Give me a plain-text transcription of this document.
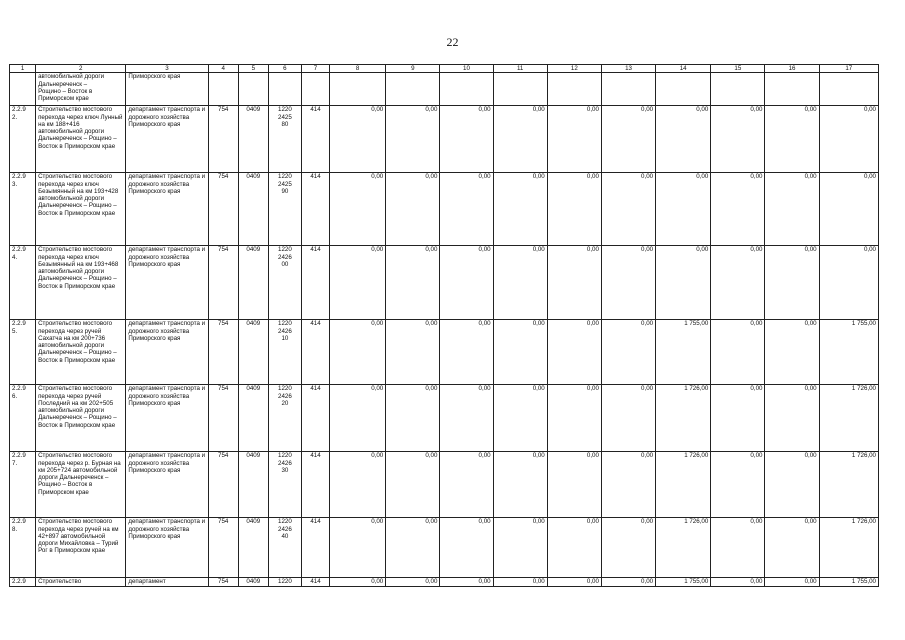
22
1	2	3	4	5	6	7	8	9	10	11	12	13	14	15	16	17
	автомобильной дороги
Дальнереченск –
Рощино – Восток в
Приморском крае	Приморского края														
2.2.9
2.	Строительство мостового перехода через ключ Лунный на км 188+416 автомобильной дороги Дальнереченск – Рощино – Восток в Приморском крае	департамент транспорта и дорожного хозяйства Приморского края	754	0409	1220
2425
80	414	0,00	0,00	0,00	0,00	0,00	0,00	0,00	0,00	0,00	0,00
2.2.9
3.	Строительство мостового перехода через ключ Безымянный на км 193+428 автомобильной дороги Дальнереченск – Рощино – Восток в Приморском крае	департамент транспорта и дорожного хозяйства Приморского края	754	0409	1220
2425
90	414	0,00	0,00	0,00	0,00	0,00	0,00	0,00	0,00	0,00	0,00
2.2.9
4.	Строительство мостового перехода через ключ Безымянный на км 193+468 автомобильной дороги Дальнереченск – Рощино – Восток в Приморском крае	департамент транспорта и дорожного хозяйства Приморского края	754	0409	1220
2426
00	414	0,00	0,00	0,00	0,00	0,00	0,00	0,00	0,00	0,00	0,00
2.2.9
5.	Строительство мостового перехода через ручей Сахатча на км 200+736 автомобильной дороги Дальнереченск – Рощино – Восток в Приморском крае	департамент транспорта и дорожного хозяйства Приморского края	754	0409	1220
2426
10	414	0,00	0,00	0,00	0,00	0,00	0,00	1 755,00	0,00	0,00	1 755,00
2.2.9
6.	Строительство мостового перехода через ручей Последний на км 202+505 автомобильной дороги Дальнереченск – Рощино – Восток в Приморском крае	департамент транспорта и дорожного хозяйства Приморского края	754	0409	1220
2426
20	414	0,00	0,00	0,00	0,00	0,00	0,00	1 726,00	0,00	0,00	1 726,00
2.2.9
7.	Строительство мостового перехода через р. Бурная на км 205+724 автомобильной дороги Дальнереченск – Рощино – Восток в Приморском крае	департамент транспорта и дорожного хозяйства Приморского края	754	0409	1220
2426
30	414	0,00	0,00	0,00	0,00	0,00	0,00	1 726,00	0,00	0,00	1 726,00
2.2.9
8.	Строительство мостового перехода через ручей на км 42+897 автомобильной дороги Михайловка – Турий Рог в Приморском крае	департамент транспорта и дорожного хозяйства Приморского края	754	0409	1220
2426
40	414	0,00	0,00	0,00	0,00	0,00	0,00	1 726,00	0,00	0,00	1 726,00
2.2.9	Строительство	департамент	754	0409	1220	414	0,00	0,00	0,00	0,00	0,00	0,00	1 755,00	0,00	0,00	1 755,00
